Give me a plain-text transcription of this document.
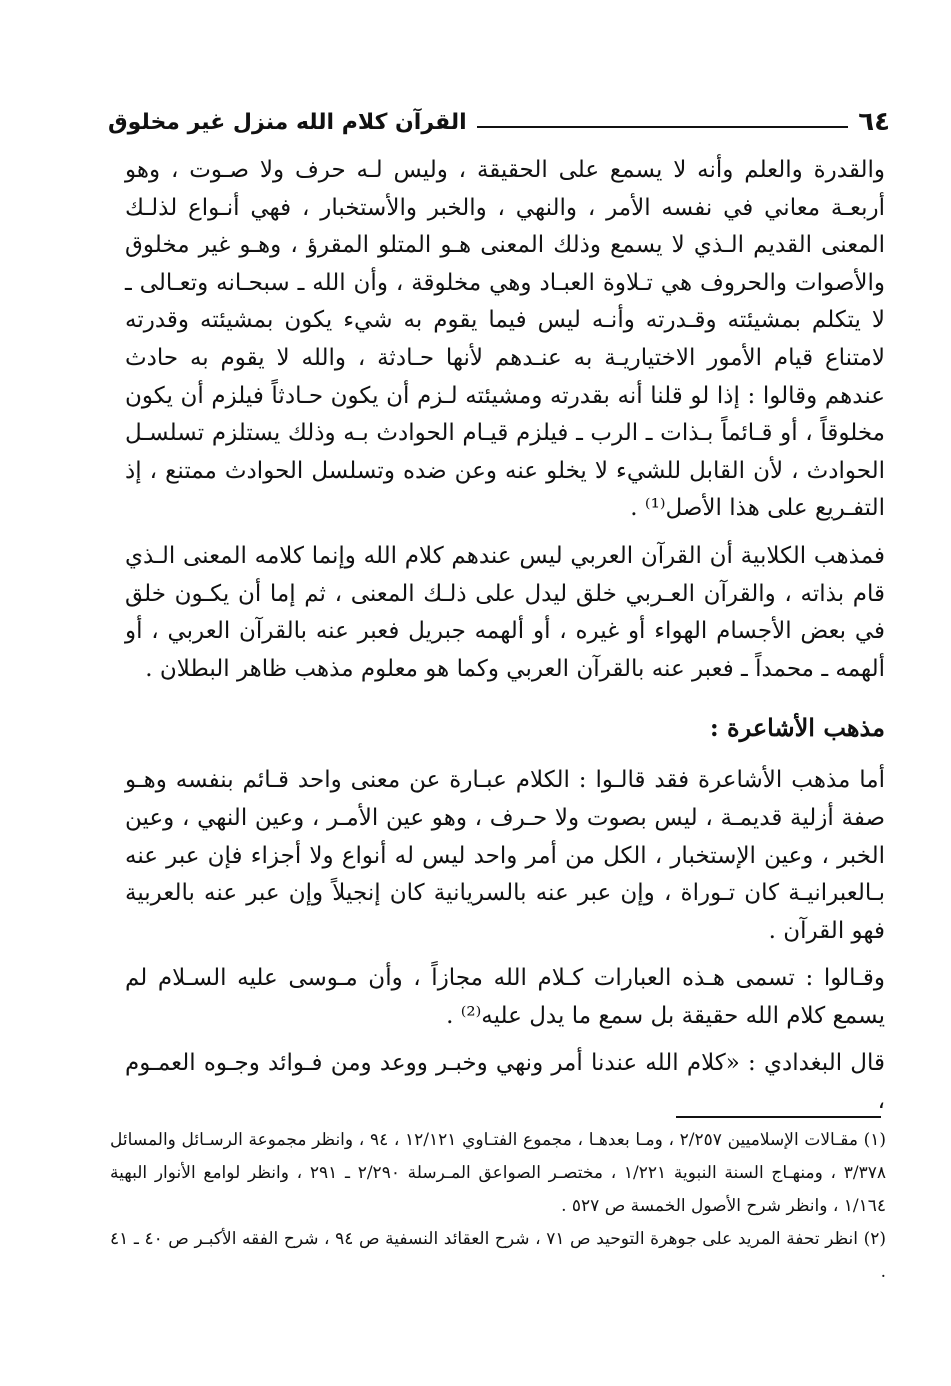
٦٤
القرآن كلام الله منزل غير مخلوق

والقدرة والعلم وأنه لا يسمع على الحقيقة ، وليس لـه حرف ولا صـوت ، وهو أربعـة معاني في نفسه الأمر ، والنهي ، والخبر والأستخبار ، فهي أنـواع لذلـك المعنى القديم الـذي لا يسمع وذلك المعنى هـو المتلو المقرؤ ، وهـو غير مخلوق والأصوات والحروف هي تـلاوة العبـاد وهي مخلوقة ، وأن الله ـ سبحـانه وتعـالى ـ لا يتكلم بمشيئته وقـدرته وأنـه ليس فيما يقوم به شيء يكون بمشيئته وقدرته لامتناع قيام الأمور الاختياريـة به عنـدهم لأنها حـادثة ، والله لا يقوم به حادث عندهم وقالوا : إذا لو قلنا أنه بقدرته ومشيئته لـزم أن يكون حـادثاً فيلزم أن يكون مخلوقاً ، أو قـائماً بـذات ـ الرب ـ فيلزم قيـام الحوادث بـه وذلك يستلزم تسلسـل الحوادث ، لأن القابل للشيء لا يخلو عنه وعن ضده وتسلسل الحوادث ممتنع ، إذ التفـريع على هذا الأصل⁽¹⁾ .

فمذهب الكلابية أن القرآن العربي ليس عندهم كلام الله وإنما كلامه المعنى الـذي قام بذاته ، والقرآن العـربي خلق ليدل على ذلـك المعنى ، ثم إما أن يكـون خلق في بعض الأجسام الهواء أو غيره ، أو ألهمه جبريل فعبر عنه بالقرآن العربي ، أو ألهمه ـ محمداً ـ فعبر عنه بالقرآن العربي وكما هو معلوم مذهب ظاهر البطلان .

مذهب الأشاعرة :

أما مذهب الأشاعرة فقد قالـوا : الكلام عبـارة عن معنى واحد قـائم بنفسه وهـو صفة أزلية قديمـة ، ليس بصوت ولا حـرف ، وهو عين الأمـر ، وعين النهي ، وعين الخبر ، وعين الإستخبار ، الكل من أمر واحد ليس له أنواع ولا أجزاء فإن عبر عنه بـالعبرانيـة كان تـوراة ، وإن عبر عنه بالسريانية كان إنجيلاً وإن عبر عنه بالعربية فهو القرآن .

وقـالوا : تسمى هـذه العبارات كـلام الله مجازاً ، وأن مـوسى عليه السـلام لم يسمع كلام الله حقيقة بل سمع ما يدل عليه⁽²⁾ .

قال البغدادي : «كلام الله عندنا أمر ونهي وخبـر ووعد ومن فـوائد وجـوه العمـوم ،

(١) مقـالات الإسلاميين ٢/٢٥٧ ، ومـا بعدهـا ، مجموع الفتـاوي ١٢/١٢١ ، ٩٤ ، وانظر مجموعة الرسـائل والمسائل ٣/٣٧٨ ، ومنهـاج السنة النبوية ١/٢٢١ ، مختصـر الصواعق المـرسلة ٢/٢٩٠ ـ ٢٩١ ، وانظر لوامع الأنوار البهية ١/١٦٤ ، وانظر شرح الأصول الخمسة ص ٥٢٧ .

(٢) انظر تحفة المريد على جوهرة التوحيد ص ٧١ ، شرح العقائد النسفية ص ٩٤ ، شرح الفقه الأكبـر ص ٤٠ ـ ٤١ .
